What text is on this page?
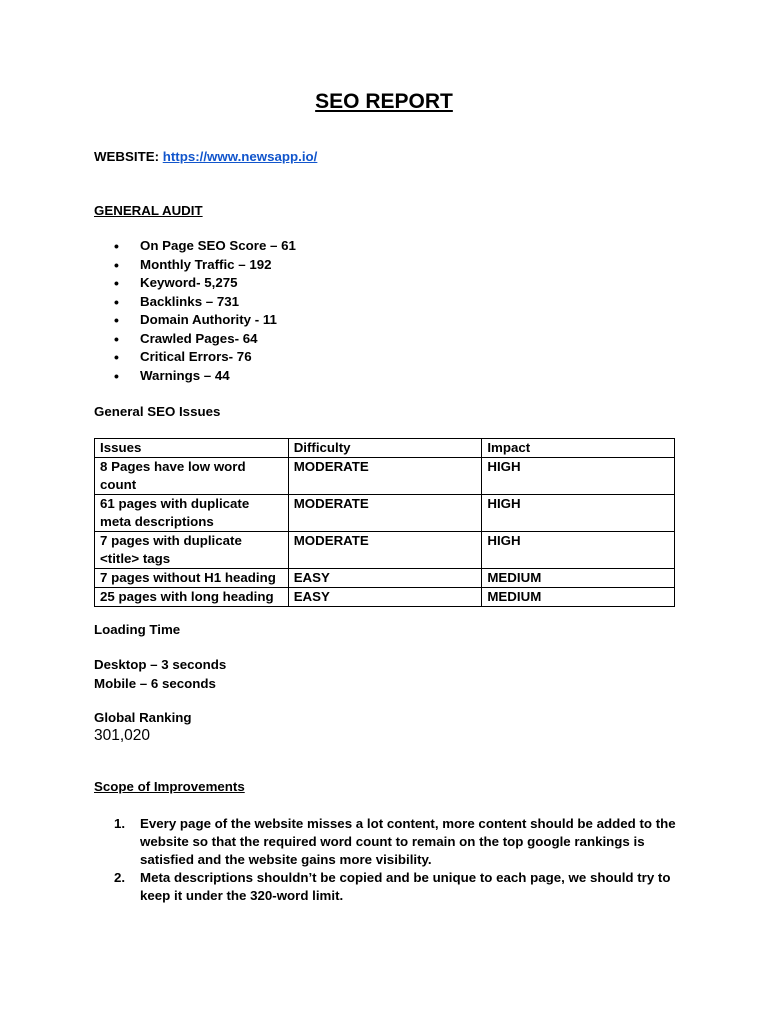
SEO REPORT

WEBSITE: https://www.newsapp.io/

GENERAL AUDIT

• On Page SEO Score – 61
• Monthly Traffic – 192
• Keyword- 5,275
• Backlinks – 731
• Domain Authority - 11
• Crawled Pages- 64
• Critical Errors- 76
• Warnings – 44

General SEO Issues

Issues	Difficulty	Impact
8 Pages have low word count	MODERATE	HIGH
61 pages with duplicate meta descriptions	MODERATE	HIGH
7 pages with duplicate <title> tags	MODERATE	HIGH
7 pages without H1 heading	EASY	MEDIUM
25 pages with long heading	EASY	MEDIUM

Loading Time

Desktop – 3 seconds

Mobile – 6 seconds

Global Ranking

301,020

Scope of Improvements

1. Every page of the website misses a lot content, more content should be added to the website so that the required word count to remain on the top google rankings is satisfied and the website gains more visibility.
2. Meta descriptions shouldn’t be copied and be unique to each page, we should try to keep it under the 320-word limit.
